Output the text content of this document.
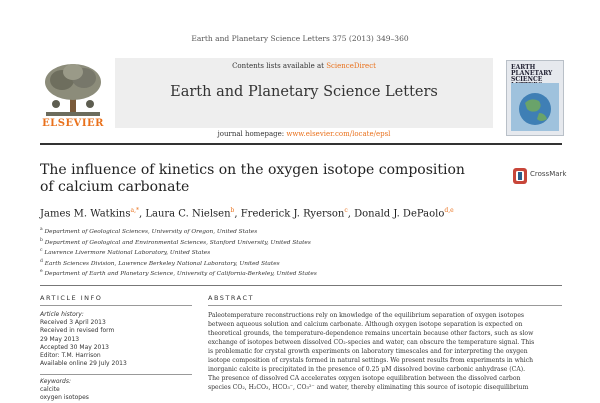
Earth and Planetary Science Letters 375 (2013) 349–360
ELSEVIER
Contents lists available at ScienceDirect
Earth and Planetary Science Letters
journal homepage: www.elsevier.com/locate/epsl
EARTH PLANETARY SCIENCE
The influence of kinetics on the oxygen isotope composition
of calcium carbonate
CrossMark
James M. Watkins$^{a,*}$, Laura C. Nielsen$^b$, Frederick J. Ryerson$^c$, Donald J. DePaolo$^{d,e}$
$^a$ Department of Geological Sciences, University of Oregon, United States
$^b$ Department of Geological and Environmental Sciences, Stanford University, United States
$^c$ Lawrence Livermore National Laboratory, United States
$^d$ Earth Sciences Division, Lawrence Berkeley National Laboratory, United States
$^e$ Department of Earth and Planetary Science, University of California-Berkeley, United States
ARTICLE INFO
Article history:
Received 3 April 2013
Received in revised form
29 May 2013
Accepted 30 May 2013
Editor: T.M. Harrison
Available online 29 July 2013
Keywords:
calcite
oxygen isotopes
ABSTRACT
Paleotemperature reconstructions rely on knowledge of the equilibrium separation of oxygen isotopes
between aqueous solution and calcium carbonate. Although oxygen isotope separation is expected on
theoretical grounds, the temperature-dependence remains uncertain because other factors, such as slow
exchange of isotopes between dissolved CO₂-species and water, can obscure the temperature signal. This
is problematic for crystal growth experiments on laboratory timescales and for interpreting the oxygen
isotope composition of crystals formed in natural settings. We present results from experiments in which
inorganic calcite is precipitated in the presence of 0.25 μM dissolved bovine carbonic anhydrase (CA).
The presence of dissolved CA accelerates oxygen isotope equilibration between the dissolved carbon
species CO₂, H₂CO₃, HCO₃⁻, CO₃²⁻ and water, thereby eliminating this source of isotopic disequilibrium
